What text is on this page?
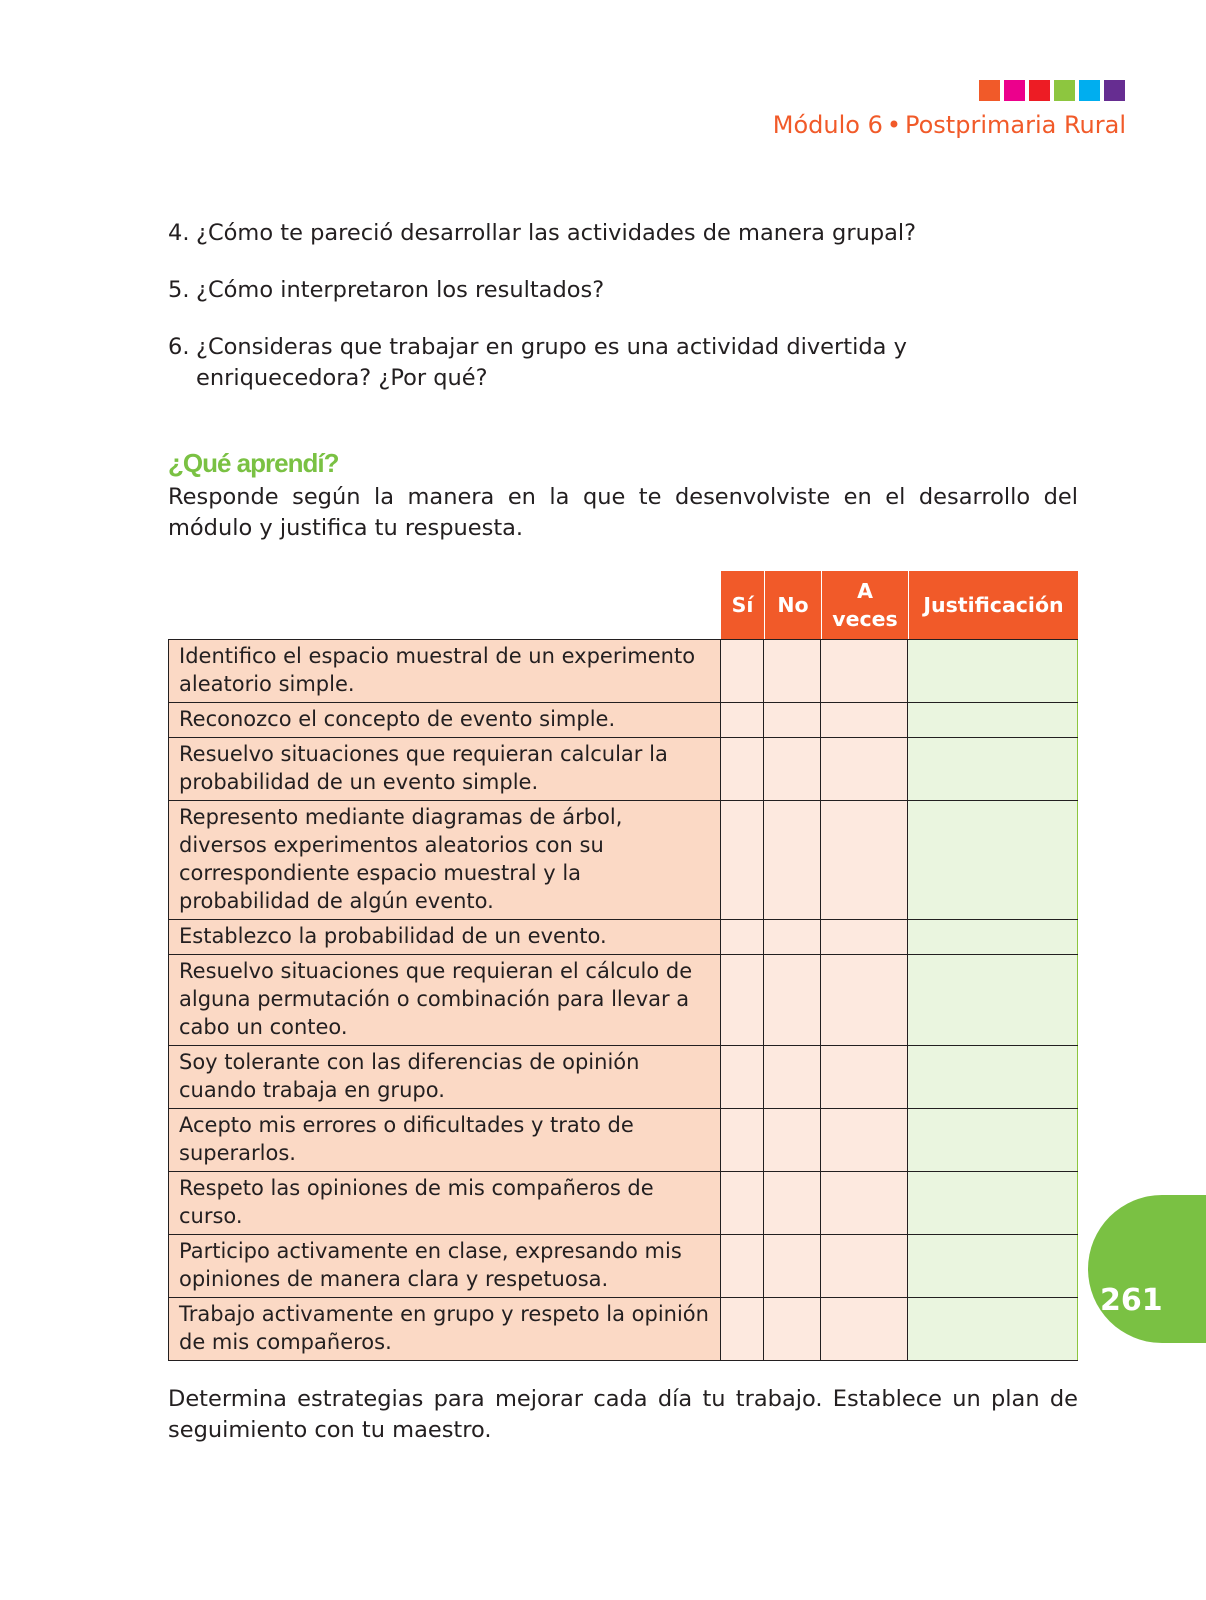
Módulo 6 • Postprimaria Rural
4. ¿Cómo te pareció desarrollar las actividades de manera grupal?
5. ¿Cómo interpretaron los resultados?
6. ¿Consideras que trabajar en grupo es una actividad divertida y enriquecedora? ¿Por qué?
¿Qué aprendí?
Responde según la manera en la que te desenvolviste en el desarrollo del módulo y justifica tu respuesta.
Sí	No
A veces
Justificación
Identifico el espacio muestral de un experimento aleatorio simple.
Reconozco el concepto de evento simple.
Resuelvo situaciones que requieran calcular la probabilidad de un evento simple.
Represento mediante diagramas de árbol, diversos experimentos aleatorios con su correspondiente espacio muestral y la probabilidad de algún evento.
Establezco la probabilidad de un evento.
Resuelvo situaciones que requieran el cálculo de alguna permutación o combinación para llevar a cabo un conteo.
Soy tolerante con las diferencias de opinión cuando trabaja en grupo.
Acepto mis errores o dificultades y trato de superarlos.
Respeto las opiniones de mis compañeros de curso.
Participo activamente en clase, expresando mis opiniones de manera clara y respetuosa.
Trabajo activamente en grupo y respeto la opinión de mis compañeros.
Determina estrategias para mejorar cada día tu trabajo. Establece un plan de seguimiento con tu maestro.
261
